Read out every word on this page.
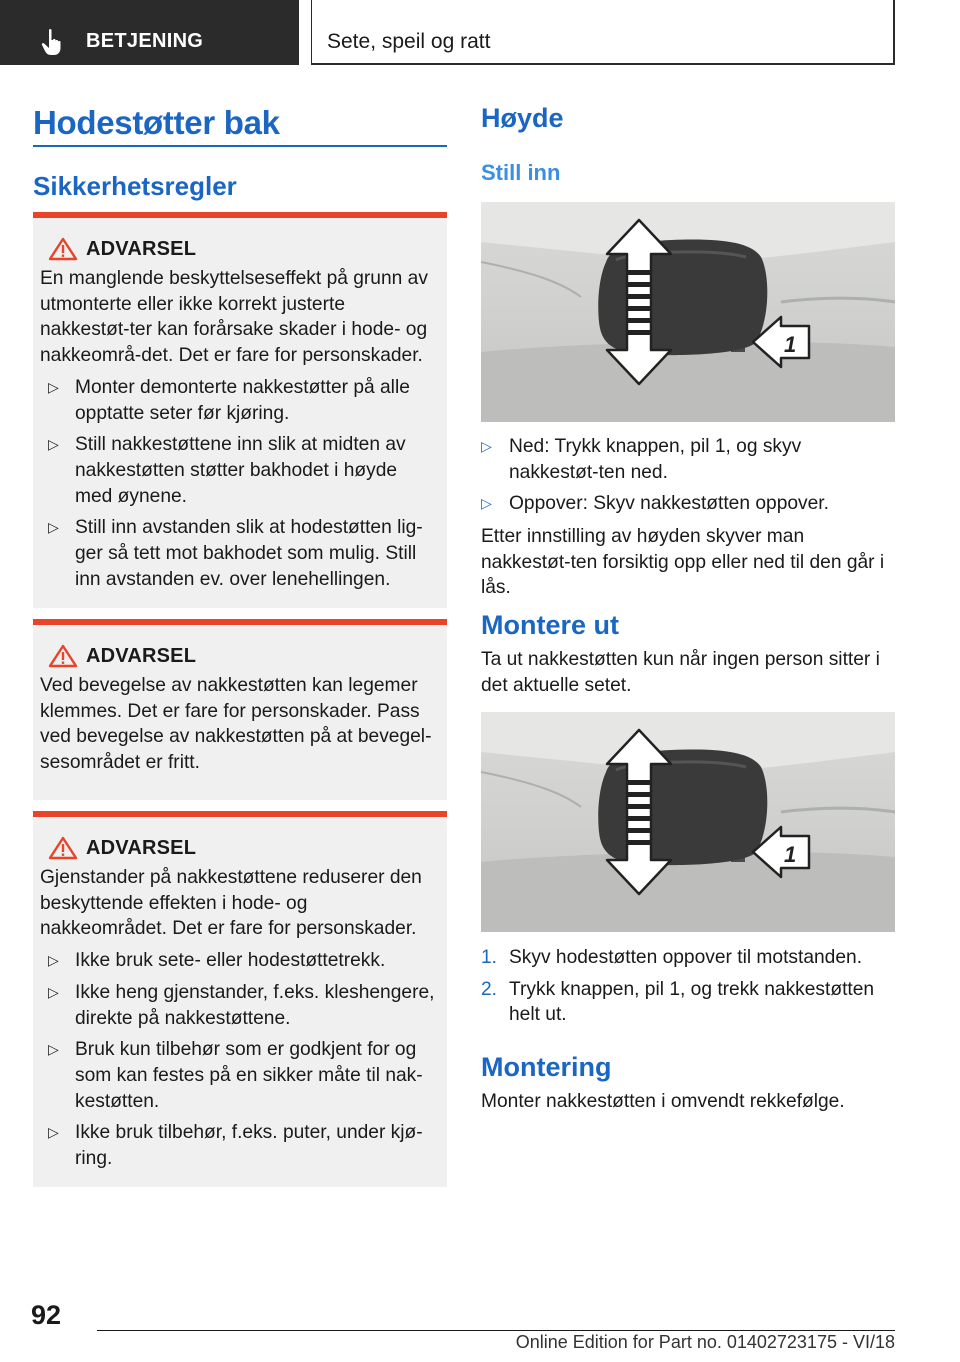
BETJENING	Sete, speil og ratt
Hodestøtter bak
Sikkerhetsregler
ADVARSEL

En manglende beskyttelseseffekt på grunn av utmonterte eller ikke korrekt justerte nakkestøt-ter kan forårsake skader i hode- og nakkeområ-det. Det er fare for personskader.

▷ Monter demonterte nakkestøtter på alle opptatte seter før kjøring.
▷ Still nakkestøttene inn slik at midten av nakkestøtten støtter bakhodet i høyde med øynene.
▷ Still inn avstanden slik at hodestøtten lig-ger så tett mot bakhodet som mulig. Still inn avstanden ev. over lenehellingen.
ADVARSEL

Ved bevegelse av nakkestøtten kan legemer klemmes. Det er fare for personskader. Pass ved bevegelse av nakkestøtten på at bevegel-sesområdet er fritt.

ADVARSEL

Gjenstander på nakkestøttene reduserer den beskyttende effekten i hode- og nakkeområdet. Det er fare for personskader.

▷ Ikke bruk sete- eller hodestøttetrekk.
▷ Ikke heng gjenstander, f.eks. kleshengere, direkte på nakkestøttene.
▷ Bruk kun tilbehør som er godkjent for og som kan festes på en sikker måte til nak-kestøtten.
▷ Ikke bruk tilbehør, f.eks. puter, under kjø-ring.
Høyde
Still inn
1
▷ Ned: Trykk knappen, pil 1, og skyv nakkestøt-ten ned.
▷ Oppover: Skyv nakkestøtten oppover.

Etter innstilling av høyden skyver man nakkestøt-ten forsiktig opp eller ned til den går i lås.

Montere ut

Ta ut nakkestøtten kun når ingen person sitter i det aktuelle setet.

1
1. Skyv hodestøtten oppover til motstanden.
2. Trykk knappen, pil 1, og trekk nakkestøtten helt ut.
Montering

Monter nakkestøtten i omvendt rekkefølge.

92
Online Edition for Part no. 01402723175 - VI/18
